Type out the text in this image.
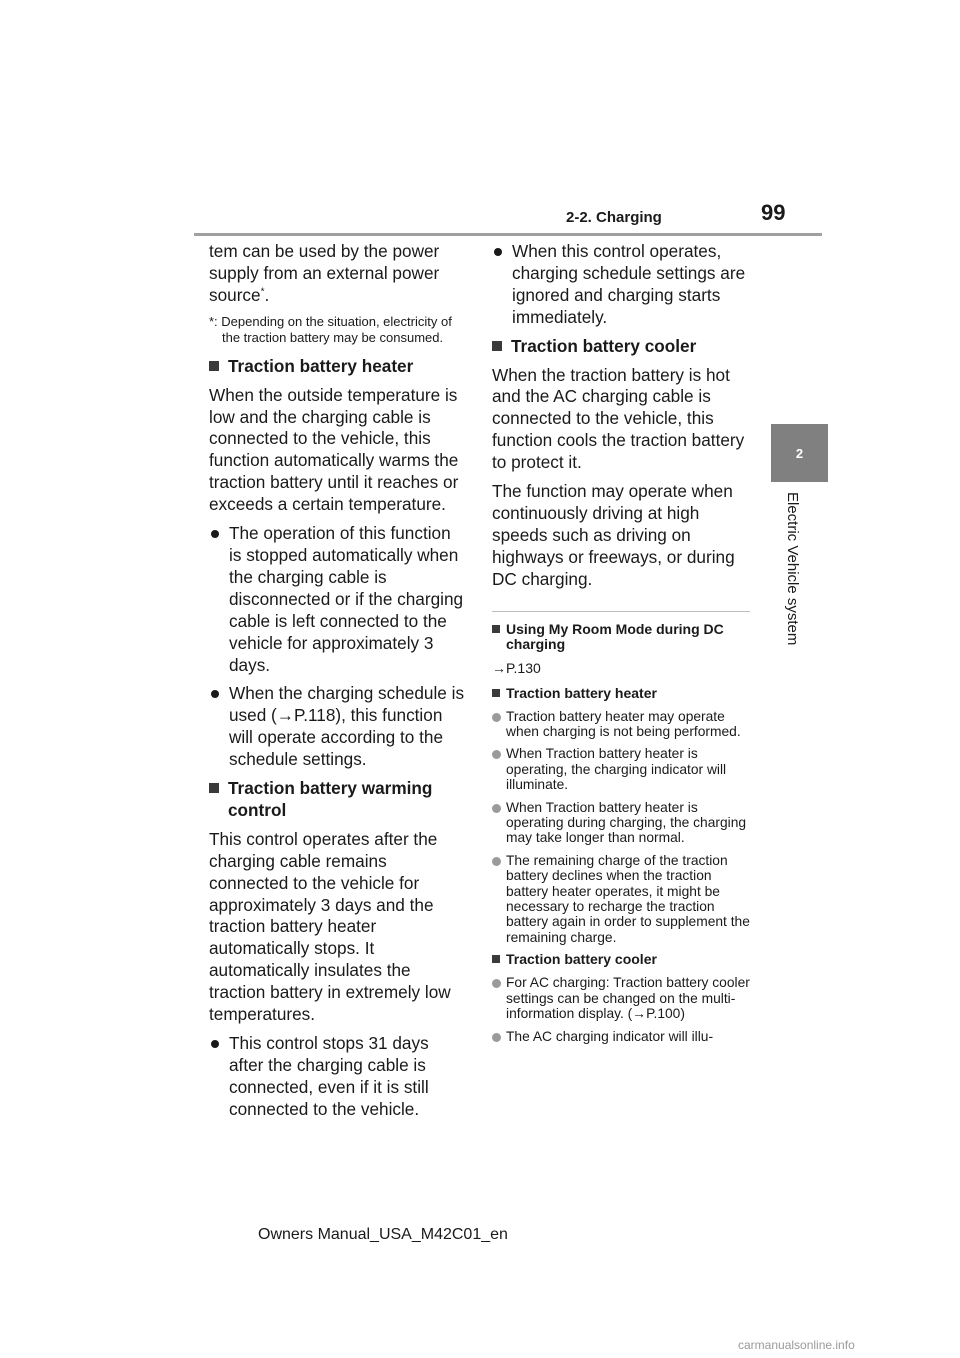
2-2. Charging	99
2
Electric Vehicle system

tem can be used by the power supply from an external power source*.

*: Depending on the situation, electricity of the traction battery may be consumed.

Traction battery heater

When the outside temperature is low and the charging cable is connected to the vehicle, this function automatically warms the traction battery until it reaches or exceeds a certain temperature.

The operation of this function is stopped automatically when the charging cable is disconnected or if the charging cable is left connected to the vehicle for approximately 3 days.
When the charging schedule is used (→P.118), this function will operate according to the schedule settings.
Traction battery warming control

This control operates after the charging cable remains connected to the vehicle for approximately 3 days and the traction battery heater automatically stops. It automatically insulates the traction battery in extremely low temperatures.

This control stops 31 days after the charging cable is connected, even if it is still connected to the vehicle.
When this control operates, charging schedule settings are ignored and charging starts immediately.
Traction battery cooler

When the traction battery is hot and the AC charging cable is connected to the vehicle, this function cools the traction battery to protect it.

The function may operate when continuously driving at high speeds such as driving on highways or freeways, or during DC charging.

Using My Room Mode during DC charging
→P.130
Traction battery heater
Traction battery heater may operate when charging is not being performed.
When Traction battery heater is operating, the charging indicator will illuminate.
When Traction battery heater is operating during charging, the charging may take longer than normal.
The remaining charge of the traction battery declines when the traction battery heater operates, it might be necessary to recharge the traction battery again in order to supplement the remaining charge.
Traction battery cooler
For AC charging: Traction battery cooler settings can be changed on the multi-information display. (→P.100)
The AC charging indicator will illu-
Owners Manual_USA_M42C01_en
carmanualsonline.info
